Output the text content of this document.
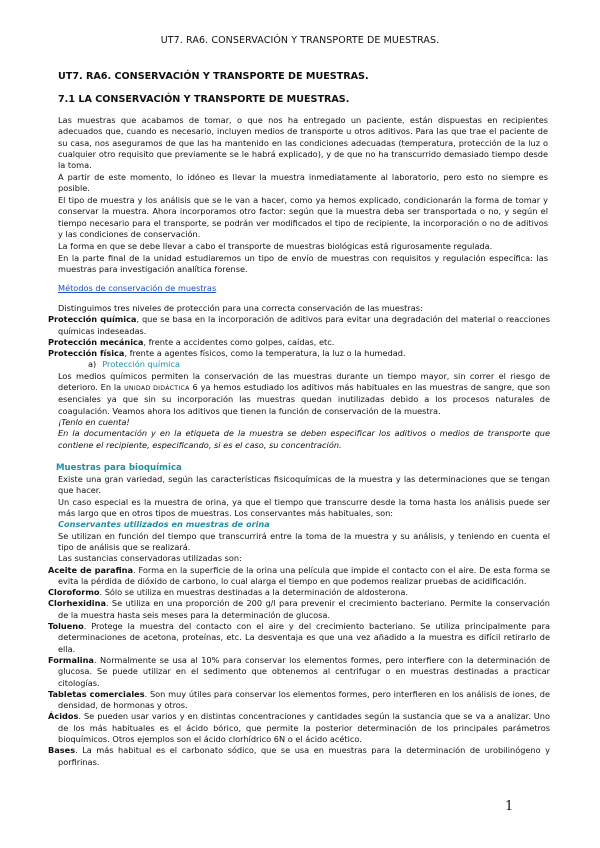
UT7. RA6. CONSERVACIÓN Y TRANSPORTE DE MUESTRAS.
UT7. RA6. CONSERVACIÓN Y TRANSPORTE DE MUESTRAS.
7.1 LA CONSERVACIÓN Y TRANSPORTE DE MUESTRAS.

Las muestras que acabamos de tomar, o que nos ha entregado un paciente, están dispuestas en recipientes adecuados que, cuando es necesario, incluyen medios de transporte u otros aditivos. Para las que trae el paciente de su casa, nos aseguramos de que las ha mantenido en las condiciones adecuadas (temperatura, protección de la luz o cualquier otro requisito que previamente se le habrá explicado), y de que no ha transcurrido demasiado tiempo desde la toma.

A partir de este momento, lo idóneo es llevar la muestra inmediatamente al laboratorio, pero esto no siempre es posible.

El tipo de muestra y los análisis que se le van a hacer, como ya hemos explicado, condicionarán la forma de tomar y conservar la muestra. Ahora incorporamos otro factor: según que la muestra deba ser transportada o no, y según el tiempo necesario para el transporte, se podrán ver modificados el tipo de recipiente, la incorporación o no de aditivos y las condiciones de conservación.

La forma en que se debe llevar a cabo el transporte de muestras biológicas está rigurosamente regulada.

En la parte final de la unidad estudiaremos un tipo de envío de muestras con requisitos y regulación específica: las muestras para investigación analítica forense.

Métodos de conservación de muestras

Distinguimos tres niveles de protección para una correcta conservación de las muestras:

Protección química, que se basa en la incorporación de aditivos para evitar una degradación del material o reacciones químicas indeseadas.

Protección mecánica, frente a accidentes como golpes, caídas, etc.

Protección física, frente a agentes físicos, como la temperatura, la luz o la humedad.

a) Protección química

Los medios químicos permiten la conservación de las muestras durante un tiempo mayor, sin correr el riesgo de deterioro. En la UNIDAD DIDÁCTICA 6 ya hemos estudiado los aditivos más habituales en las muestras de sangre, que son esenciales ya que sin su incorporación las muestras quedan inutilizadas debido a los procesos naturales de coagulación. Veamos ahora los aditivos que tienen la función de conservación de la muestra.

¡Tenlo en cuenta!

En la documentación y en la etiqueta de la muestra se deben especificar los aditivos o medios de transporte que contiene el recipiente, especificando, si es el caso, su concentración.

Muestras para bioquímica

Existe una gran variedad, según las características fisicoquímicas de la muestra y las determinaciones que se tengan que hacer.

Un caso especial es la muestra de orina, ya que el tiempo que transcurre desde la toma hasta los análisis puede ser más largo que en otros tipos de muestras. Los conservantes más habituales, son:

Conservantes utilizados en muestras de orina

Se utilizan en función del tiempo que transcurrirá entre la toma de la muestra y su análisis, y teniendo en cuenta el tipo de análisis que se realizará.

Las sustancias conservadoras utilizadas son:

Aceite de parafina. Forma en la superficie de la orina una película que impide el contacto con el aire. De esta forma se evita la pérdida de dióxido de carbono, lo cual alarga el tiempo en que podemos realizar pruebas de acidificación.

Cloroformo. Sólo se utiliza en muestras destinadas a la determinación de aldosterona.

Clorhexidina. Se utiliza en una proporción de 200 g/l para prevenir el crecimiento bacteriano. Permite la conservación de la muestra hasta seis meses para la determinación de glucosa.

Tolueno. Protege la muestra del contacto con el aire y del crecimiento bacteriano. Se utiliza principalmente para determinaciones de acetona, proteínas, etc. La desventaja es que una vez añadido a la muestra es difícil retirarlo de ella.

Formalina. Normalmente se usa al 10% para conservar los elementos formes, pero interfiere con la determinación de glucosa. Se puede utilizar en el sedimento que obtenemos al centrifugar o en muestras destinadas a practicar citologías.

Tabletas comerciales. Son muy útiles para conservar los elementos formes, pero interfieren en los análisis de iones, de densidad, de hormonas y otros.

Ácidos. Se pueden usar varios y en distintas concentraciones y cantidades según la sustancia que se va a analizar. Uno de los más habituales es el ácido bórico, que permite la posterior determinación de los principales parámetros bioquímicos. Otros ejemplos son el ácido clorhídrico 6N o el ácido acético.

Bases. La más habitual es el carbonato sódico, que se usa en muestras para la determinación de urobilinógeno y porfirinas.

1
